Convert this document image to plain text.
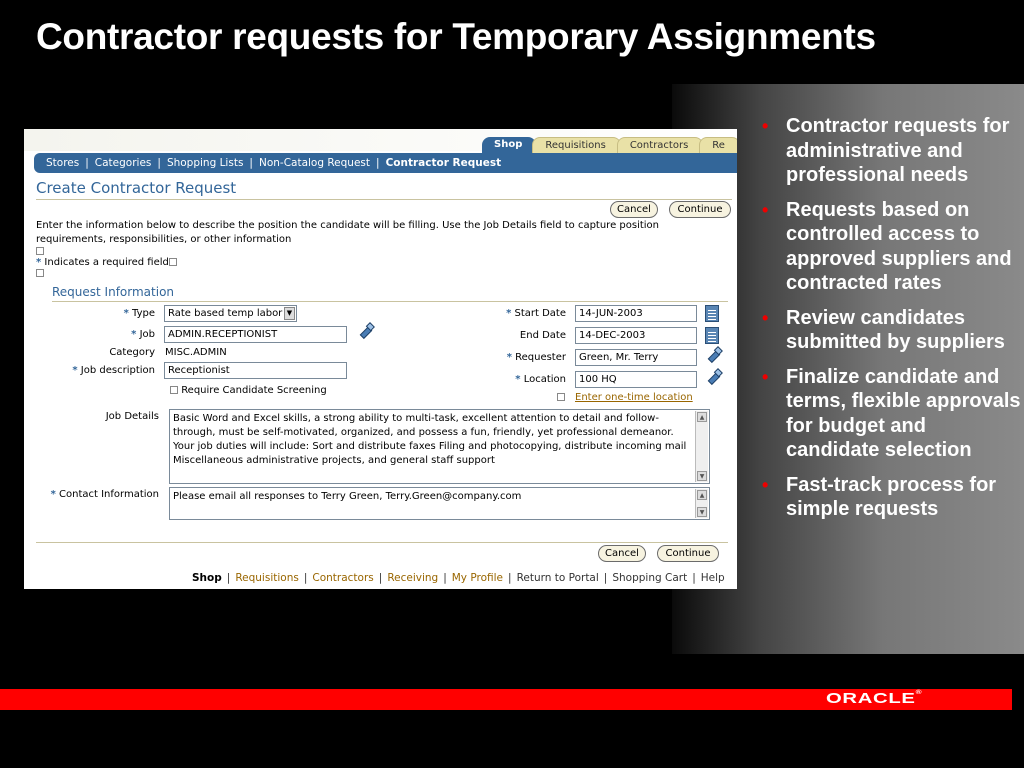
Contractor requests for Temporary Assignments
• Contractor requests for administrative and professional needs
• Requests based on controlled access to approved suppliers and contracted rates
• Review candidates submitted by suppliers
• Finalize candidate and terms, flexible approvals for budget and candidate selection
• Fast-track process for simple requests
ORACLE®
Shop	Requisitions	Contractors	Re
Stores | Categories | Shopping Lists | Non-Catalog Request | Contractor Request
Create Contractor Request
Cancel	Continue
Enter the information below to describe the position the candidate will be filling. Use the Job Details field to capture position requirements, responsibilities, or other information
* Indicates a required field
Request Information
* Type	Rate based temp labor ▼
* Job	ADMIN.RECEPTIONIST
Category MISC.ADMIN
* Job description	Receptionist
Require Candidate Screening
* Start Date	14-JUN-2003
End Date	14-DEC-2003
* Requester	Green, Mr. Terry
* Location	100 HQ
Enter one-time location
Job Details	Basic Word and Excel skills, a strong ability to multi-task, excellent attention to detail and follow-through, must be self-motivated, organized, and possess a fun, friendly, yet professional demeanor. Your job duties will include: Sort and distribute faxes Filing and photocopying, distribute incoming mail Miscellaneous administrative projects, and general staff support
▲
▼
* Contact Information	Please email all responses to Terry Green, Terry.Green@company.com	▲
▼
Cancel	Continue
Shop | Requisitions | Contractors | Receiving | My Profile | Return to Portal | Shopping Cart | Help
